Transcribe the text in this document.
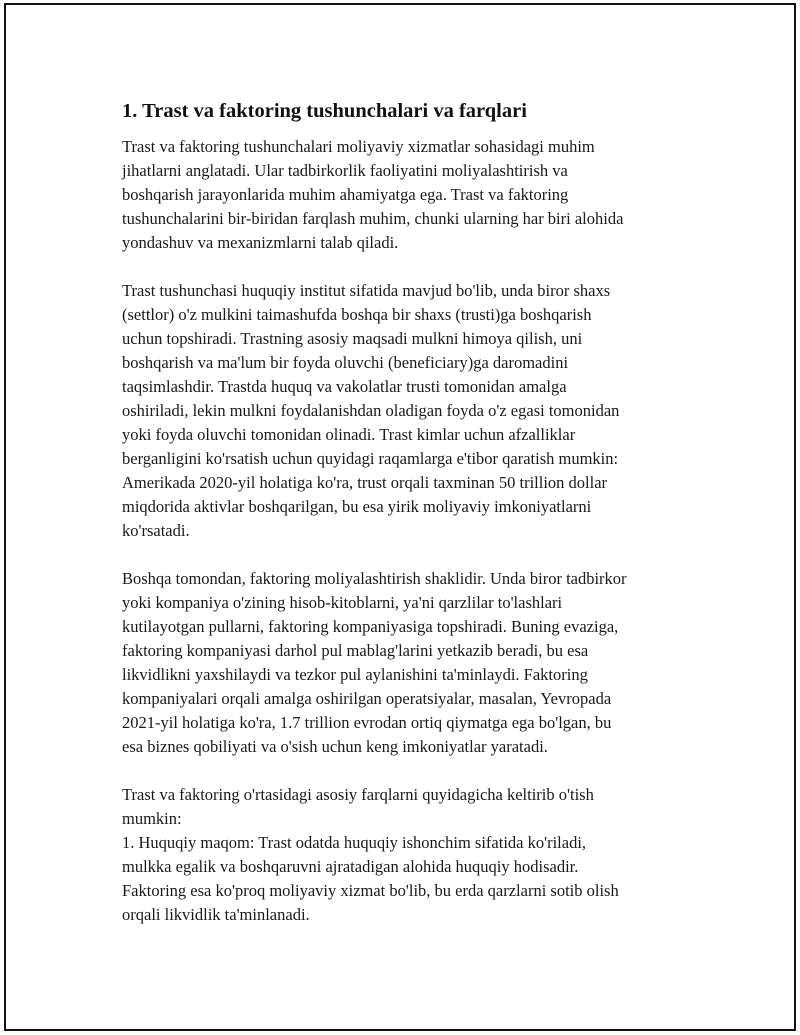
1. Trast va faktoring tushunchalari va farqlari

Trast va faktoring tushunchalari moliyaviy xizmatlar sohasidagi muhim
jihatlarni anglatadi. Ular tadbirkorlik faoliyatini moliyalashtirish va
boshqarish jarayonlarida muhim ahamiyatga ega. Trast va faktoring
tushunchalarini bir-biridan farqlash muhim, chunki ularning har biri alohida
yondashuv va mexanizmlarni talab qiladi.

Trast tushunchasi huquqiy institut sifatida mavjud bo'lib, unda biror shaxs
(settlor) o'z mulkini taimashufda boshqa bir shaxs (trusti)ga boshqarish
uchun topshiradi. Trastning asosiy maqsadi mulkni himoya qilish, uni
boshqarish va ma'lum bir foyda oluvchi (beneficiary)ga daromadini
taqsimlashdir. Trastda huquq va vakolatlar trusti tomonidan amalga
oshiriladi, lekin mulkni foydalanishdan oladigan foyda o'z egasi tomonidan
yoki foyda oluvchi tomonidan olinadi. Trast kimlar uchun afzalliklar
berganligini ko'rsatish uchun quyidagi raqamlarga e'tibor qaratish mumkin:
Amerikada 2020-yil holatiga ko'ra, trust orqali taxminan 50 trillion dollar
miqdorida aktivlar boshqarilgan, bu esa yirik moliyaviy imkoniyatlarni
ko'rsatadi.

Boshqa tomondan, faktoring moliyalashtirish shaklidir. Unda biror tadbirkor
yoki kompaniya o'zining hisob-kitoblarni, ya'ni qarzlilar to'lashlari
kutilayotgan pullarni, faktoring kompaniyasiga topshiradi. Buning evaziga,
faktoring kompaniyasi darhol pul mablag'larini yetkazib beradi, bu esa
likvidlikni yaxshilaydi va tezkor pul aylanishini ta'minlaydi. Faktoring
kompaniyalari orqali amalga oshirilgan operatsiyalar, masalan, Yevropada
2021-yil holatiga ko'ra, 1.7 trillion evrodan ortiq qiymatga ega bo'lgan, bu
esa biznes qobiliyati va o'sish uchun keng imkoniyatlar yaratadi.

Trast va faktoring o'rtasidagi asosiy farqlarni quyidagicha keltirib o'tish
mumkin:

1. Huquqiy maqom: Trast odatda huquqiy ishonchim sifatida ko'riladi,
mulkka egalik va boshqaruvni ajratadigan alohida huquqiy hodisadir.
Faktoring esa ko'proq moliyaviy xizmat bo'lib, bu erda qarzlarni sotib olish
orqali likvidlik ta'minlanadi.
